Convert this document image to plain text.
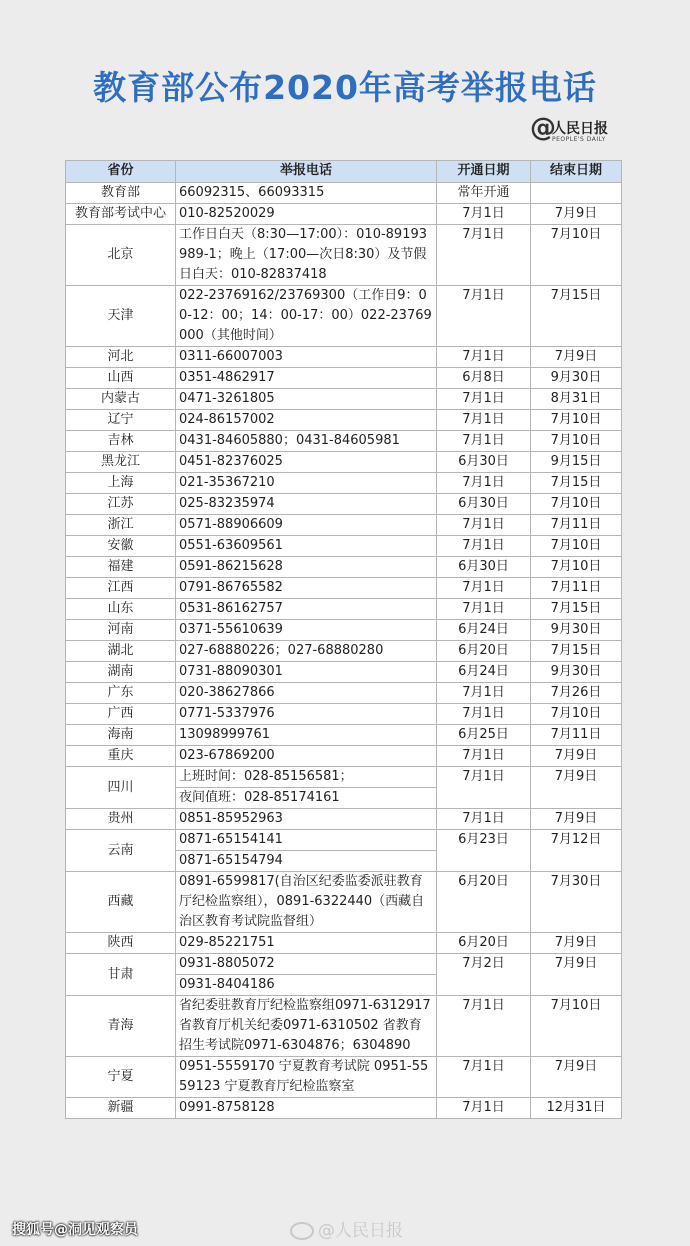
教育部公布2020年高考举报电话
@
人民日报
PEOPLE'S DAILY
省份	举报电话	开通日期	结束日期
教育部	66092315、66093315	常年开通	
教育部考试中心	010-82520029	7月1日	7月9日
北京	工作日白天（8:30—17:00）：010-89193989-1；晚上（17:00—次日8:30）及节假日白天：010-82837418	7月1日	7月10日
天津	022-23769162/23769300（工作日9：00-12：00；14：00-17：00）022-23769000（其他时间）	7月1日	7月15日
河北	0311-66007003	7月1日	7月9日
山西	0351-4862917	6月8日	9月30日
内蒙古	0471-3261805	7月1日	8月31日
辽宁	024-86157002	7月1日	7月10日
吉林	0431-84605880；0431-84605981	7月1日	7月10日
黑龙江	0451-82376025	6月30日	9月15日
上海	021-35367210	7月1日	7月15日
江苏	025-83235974	6月30日	7月10日
浙江	0571-88906609	7月1日	7月11日
安徽	0551-63609561	7月1日	7月10日
福建	0591-86215628	6月30日	7月10日
江西	0791-86765582	7月1日	7月11日
山东	0531-86162757	7月1日	7月15日
河南	0371-55610639	6月24日	9月30日
湖北	027-68880226；027-68880280	6月20日	7月15日
湖南	0731-88090301	6月24日	9月30日
广东	020-38627866	7月1日	7月26日
广西	0771-5337976	7月1日	7月10日
海南	13098999761	6月25日	7月11日
重庆	023-67869200	7月1日	7月9日
四川	上班时间：028-85156581；	7月1日	7月9日
	夜间值班：028-85174161		
贵州	0851-85952963	7月1日	7月9日
云南	0871-65154141	6月23日	7月12日
	0871-65154794		
西藏	0891-6599817(自治区纪委监委派驻教育厅纪检监察组），0891-6322440（西藏自治区教育考试院监督组）	6月20日	7月30日
陕西	029-85221751	6月20日	7月9日
甘肃	0931-8805072	7月2日	7月9日
	0931-8404186		
青海	省纪委驻教育厅纪检监察组0971-6312917 省教育厅机关纪委0971-6310502 省教育招生考试院0971-6304876；6304890	7月1日	7月10日
宁夏	0951-5559170 宁夏教育考试院 0951-5559123 宁夏教育厅纪检监察室	7月1日	7月9日
新疆	0991-8758128	7月1日	12月31日
搜狐号@洞见观察员	@人民日报
